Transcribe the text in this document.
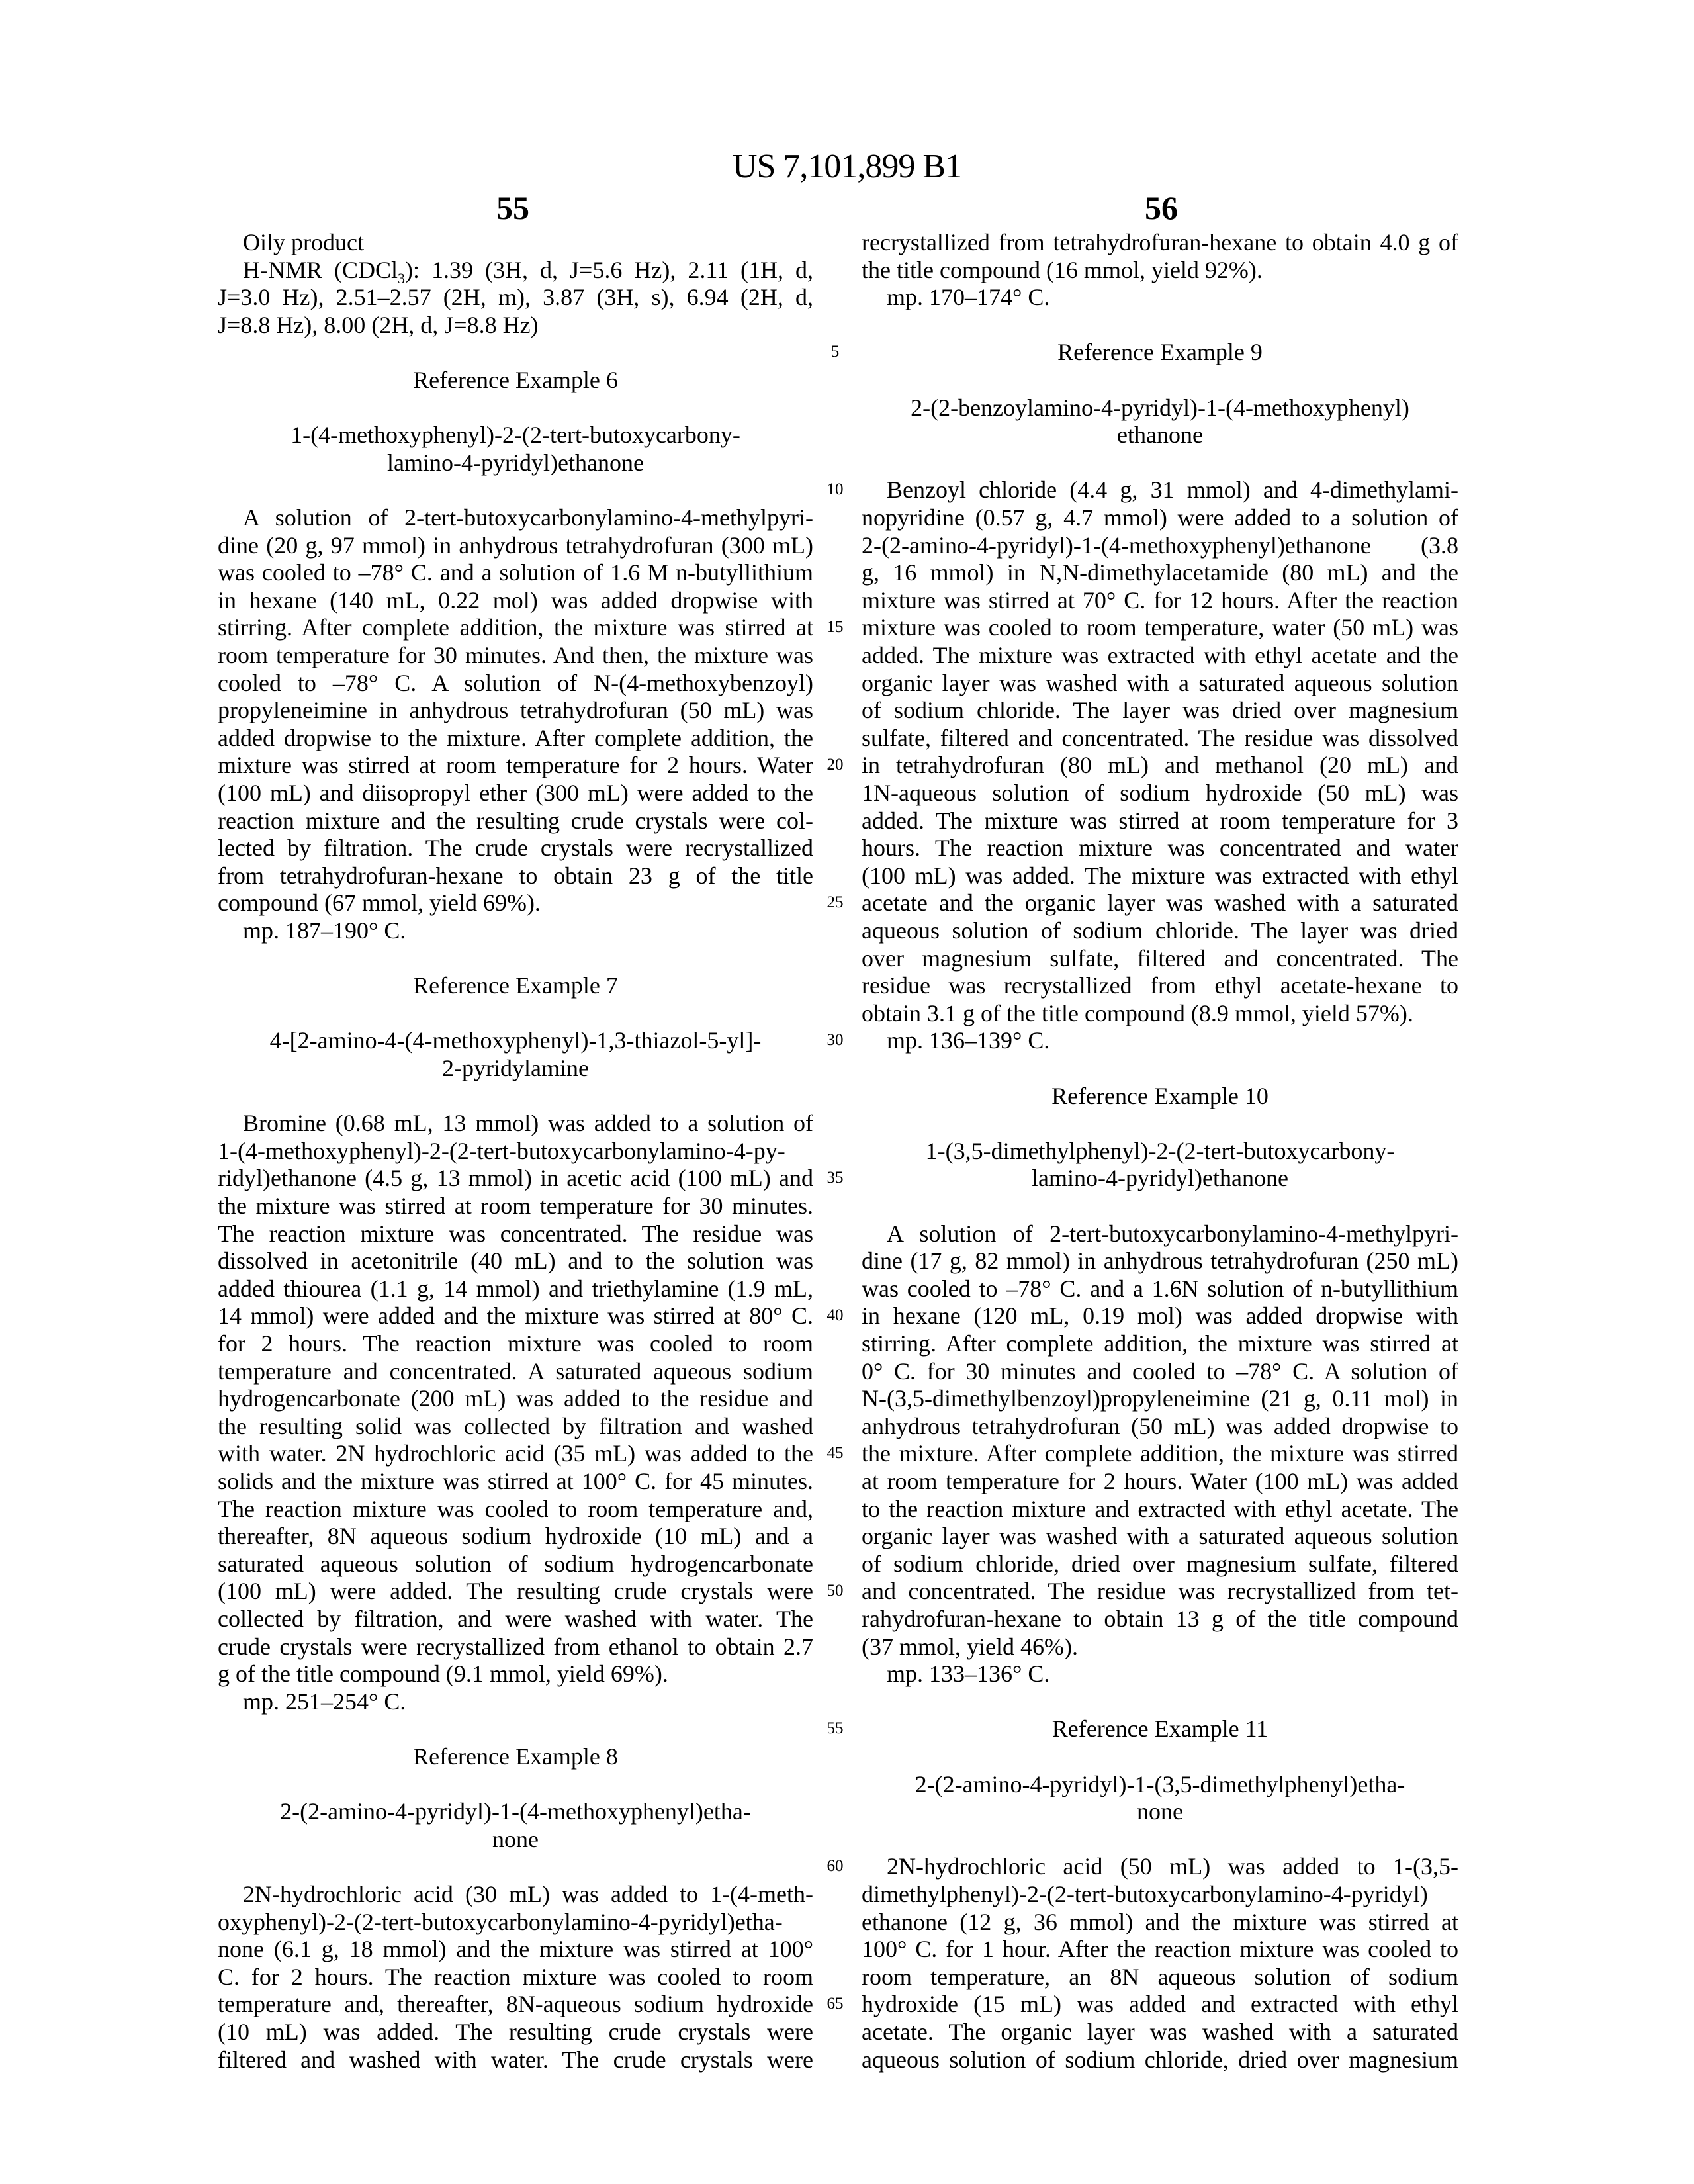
US 7,101,899 B1
55	56
Oily product
H-NMR (CDCl$_3$): 1.39 (3H, d, J=5.6 Hz), 2.11 (1H, d,
J=3.0 Hz), 2.51–2.57 (2H, m), 3.87 (3H, s), 6.94 (2H, d,
J=8.8 Hz), 8.00 (2H, d, J=8.8 Hz)
Reference Example 6
1-(4-methoxyphenyl)-2-(2-tert-butoxycarbony-
lamino-4-pyridyl)ethanone
A solution of 2-tert-butoxycarbonylamino-4-methylpyri-
dine (20 g, 97 mmol) in anhydrous tetrahydrofuran (300 mL)
was cooled to –78° C. and a solution of 1.6 M n-butyllithium
in hexane (140 mL, 0.22 mol) was added dropwise with
stirring. After complete addition, the mixture was stirred at
room temperature for 30 minutes. And then, the mixture was
cooled to –78° C. A solution of N-(4-methoxybenzoyl)
propyleneimine in anhydrous tetrahydrofuran (50 mL) was
added dropwise to the mixture. After complete addition, the
mixture was stirred at room temperature for 2 hours. Water
(100 mL) and diisopropyl ether (300 mL) were added to the
reaction mixture and the resulting crude crystals were col-
lected by filtration. The crude crystals were recrystallized
from tetrahydrofuran-hexane to obtain 23 g of the title
compound (67 mmol, yield 69%).
mp. 187–190° C.
Reference Example 7
4-[2-amino-4-(4-methoxyphenyl)-1,3-thiazol-5-yl]-
2-pyridylamine
Bromine (0.68 mL, 13 mmol) was added to a solution of
1-(4-methoxyphenyl)-2-(2-tert-butoxycarbonylamino-4-py-
ridyl)ethanone (4.5 g, 13 mmol) in acetic acid (100 mL) and
the mixture was stirred at room temperature for 30 minutes.
The reaction mixture was concentrated. The residue was
dissolved in acetonitrile (40 mL) and to the solution was
added thiourea (1.1 g, 14 mmol) and triethylamine (1.9 mL,
14 mmol) were added and the mixture was stirred at 80° C.
for 2 hours. The reaction mixture was cooled to room
temperature and concentrated. A saturated aqueous sodium
hydrogencarbonate (200 mL) was added to the residue and
the resulting solid was collected by filtration and washed
with water. 2N hydrochloric acid (35 mL) was added to the
solids and the mixture was stirred at 100° C. for 45 minutes.
The reaction mixture was cooled to room temperature and,
thereafter, 8N aqueous sodium hydroxide (10 mL) and a
saturated aqueous solution of sodium hydrogencarbonate
(100 mL) were added. The resulting crude crystals were
collected by filtration, and were washed with water. The
crude crystals were recrystallized from ethanol to obtain 2.7
g of the title compound (9.1 mmol, yield 69%).
mp. 251–254° C.
Reference Example 8
2-(2-amino-4-pyridyl)-1-(4-methoxyphenyl)etha-
none
2N-hydrochloric acid (30 mL) was added to 1-(4-meth-
oxyphenyl)-2-(2-tert-butoxycarbonylamino-4-pyridyl)etha-
none (6.1 g, 18 mmol) and the mixture was stirred at 100°
C. for 2 hours. The reaction mixture was cooled to room
temperature and, thereafter, 8N-aqueous sodium hydroxide
(10 mL) was added. The resulting crude crystals were
filtered and washed with water. The crude crystals were
5
10
15
20
25
30
35
40
45
50
55
60
65
recrystallized from tetrahydrofuran-hexane to obtain 4.0 g of
the title compound (16 mmol, yield 92%).
mp. 170–174° C.
Reference Example 9
2-(2-benzoylamino-4-pyridyl)-1-(4-methoxyphenyl)
ethanone
Benzoyl chloride (4.4 g, 31 mmol) and 4-dimethylami-
nopyridine (0.57 g, 4.7 mmol) were added to a solution of
2-(2-amino-4-pyridyl)-1-(4-methoxyphenyl)ethanone (3.8
g, 16 mmol) in N,N-dimethylacetamide (80 mL) and the
mixture was stirred at 70° C. for 12 hours. After the reaction
mixture was cooled to room temperature, water (50 mL) was
added. The mixture was extracted with ethyl acetate and the
organic layer was washed with a saturated aqueous solution
of sodium chloride. The layer was dried over magnesium
sulfate, filtered and concentrated. The residue was dissolved
in tetrahydrofuran (80 mL) and methanol (20 mL) and
1N-aqueous solution of sodium hydroxide (50 mL) was
added. The mixture was stirred at room temperature for 3
hours. The reaction mixture was concentrated and water
(100 mL) was added. The mixture was extracted with ethyl
acetate and the organic layer was washed with a saturated
aqueous solution of sodium chloride. The layer was dried
over magnesium sulfate, filtered and concentrated. The
residue was recrystallized from ethyl acetate-hexane to
obtain 3.1 g of the title compound (8.9 mmol, yield 57%).
mp. 136–139° C.
Reference Example 10
1-(3,5-dimethylphenyl)-2-(2-tert-butoxycarbony-
lamino-4-pyridyl)ethanone
A solution of 2-tert-butoxycarbonylamino-4-methylpyri-
dine (17 g, 82 mmol) in anhydrous tetrahydrofuran (250 mL)
was cooled to –78° C. and a 1.6N solution of n-butyllithium
in hexane (120 mL, 0.19 mol) was added dropwise with
stirring. After complete addition, the mixture was stirred at
0° C. for 30 minutes and cooled to –78° C. A solution of
N-(3,5-dimethylbenzoyl)propyleneimine (21 g, 0.11 mol) in
anhydrous tetrahydrofuran (50 mL) was added dropwise to
the mixture. After complete addition, the mixture was stirred
at room temperature for 2 hours. Water (100 mL) was added
to the reaction mixture and extracted with ethyl acetate. The
organic layer was washed with a saturated aqueous solution
of sodium chloride, dried over magnesium sulfate, filtered
and concentrated. The residue was recrystallized from tet-
rahydrofuran-hexane to obtain 13 g of the title compound
(37 mmol, yield 46%).
mp. 133–136° C.
Reference Example 11
2-(2-amino-4-pyridyl)-1-(3,5-dimethylphenyl)etha-
none
2N-hydrochloric acid (50 mL) was added to 1-(3,5-
dimethylphenyl)-2-(2-tert-butoxycarbonylamino-4-pyridyl)
ethanone (12 g, 36 mmol) and the mixture was stirred at
100° C. for 1 hour. After the reaction mixture was cooled to
room temperature, an 8N aqueous solution of sodium
hydroxide (15 mL) was added and extracted with ethyl
acetate. The organic layer was washed with a saturated
aqueous solution of sodium chloride, dried over magnesium
